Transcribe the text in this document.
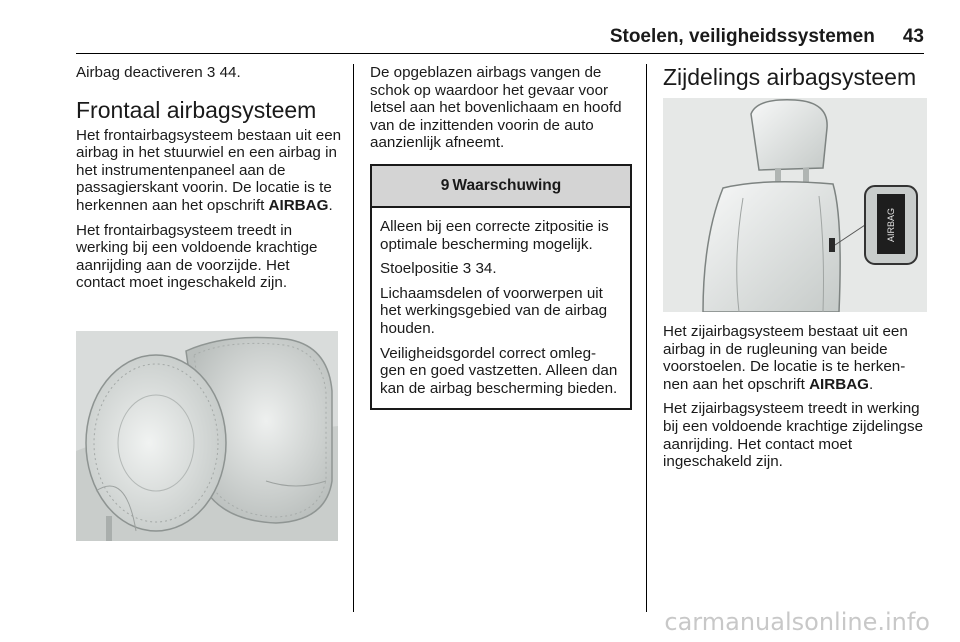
Stoelen, veiligheidssystemen 43

Airbag deactiveren 3 44.

Frontaal airbagsysteem

Het frontairbagsysteem bestaan uit een airbag in het stuurwiel en een airbag in het instrumentenpaneel aan de passagierskant voorin. De locatie is te herkennen aan het opschrift AIRBAG.

Het frontairbagsysteem treedt in werking bij een voldoende krachtige aanrijding aan de voorzijde. Het contact moet ingeschakeld zijn.

De opgeblazen airbags vangen de schok op waardoor het gevaar voor letsel aan het bovenlichaam en hoofd van de inzittenden voorin de auto aanzienlijk afneemt.

9 Waarschuwing

Alleen bij een correcte zitpositie is optimale bescherming mogelijk.

Stoelpositie 3 34.

Lichaamsdelen of voorwerpen uit het werkingsgebied van de airbag houden.

Veiligheidsgordel correct omleg- gen en goed vastzetten. Alleen dan kan de airbag bescherming bieden.

Zijdelings airbagsysteem
AIRBAG

Het zijairbagsysteem bestaat uit een airbag in de rugleuning van beide voorstoelen. De locatie is te herken- nen aan het opschrift AIRBAG.

Het zijairbagsysteem treedt in werking bij een voldoende krachtige zijdelingse aanrijding. Het contact moet ingeschakeld zijn.

carmanualsonline.info
